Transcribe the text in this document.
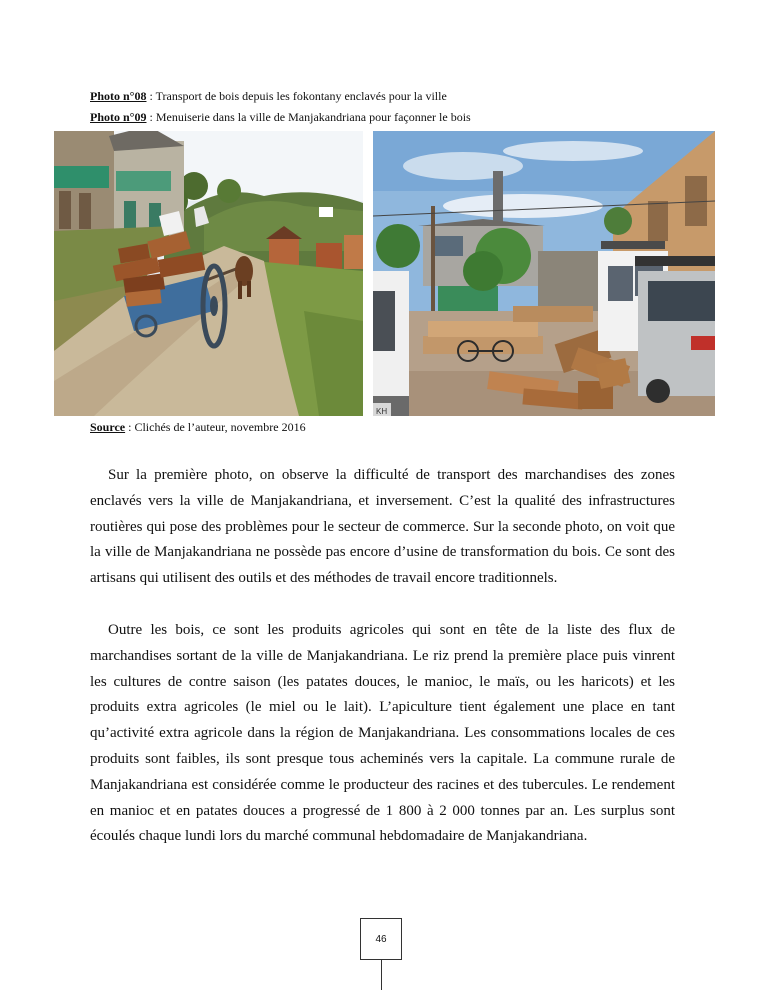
Photo n°08 : Transport de bois depuis les fokontany enclavés pour la ville
Photo n°09 : Menuiserie dans la ville de Manjakandriana pour façonner le bois
KH
Source : Clichés de l’auteur, novembre 2016

Sur la première photo, on observe la difficulté de transport des marchandises des zones enclavés vers la ville de Manjakandriana, et inversement. C’est la qualité des infrastructures routières qui pose des problèmes pour le secteur de commerce. Sur la seconde photo, on voit que la ville de Manjakandriana ne possède pas encore d’usine de transformation du bois. Ce sont des artisans qui utilisent des outils et des méthodes de travail encore traditionnels.

Outre les bois, ce sont les produits agricoles qui sont en tête de la liste des flux de marchandises sortant de la ville de Manjakandriana. Le riz prend la première place puis vinrent les cultures de contre saison (les patates douces, le manioc, le maïs, ou les haricots) et les produits extra agricoles (le miel ou le lait). L’apiculture tient également une place en tant qu’activité extra agricole dans la région de Manjakandriana. Les consommations locales de ces produits sont faibles, ils sont presque tous acheminés vers la capitale. La commune rurale de Manjakandriana est considérée comme le producteur des racines et des tubercules. Le rendement en manioc et en patates douces a progressé de 1 800 à 2 000 tonnes par an. Les surplus sont écoulés chaque lundi lors du marché communal hebdomadaire de Manjakandriana.

46
